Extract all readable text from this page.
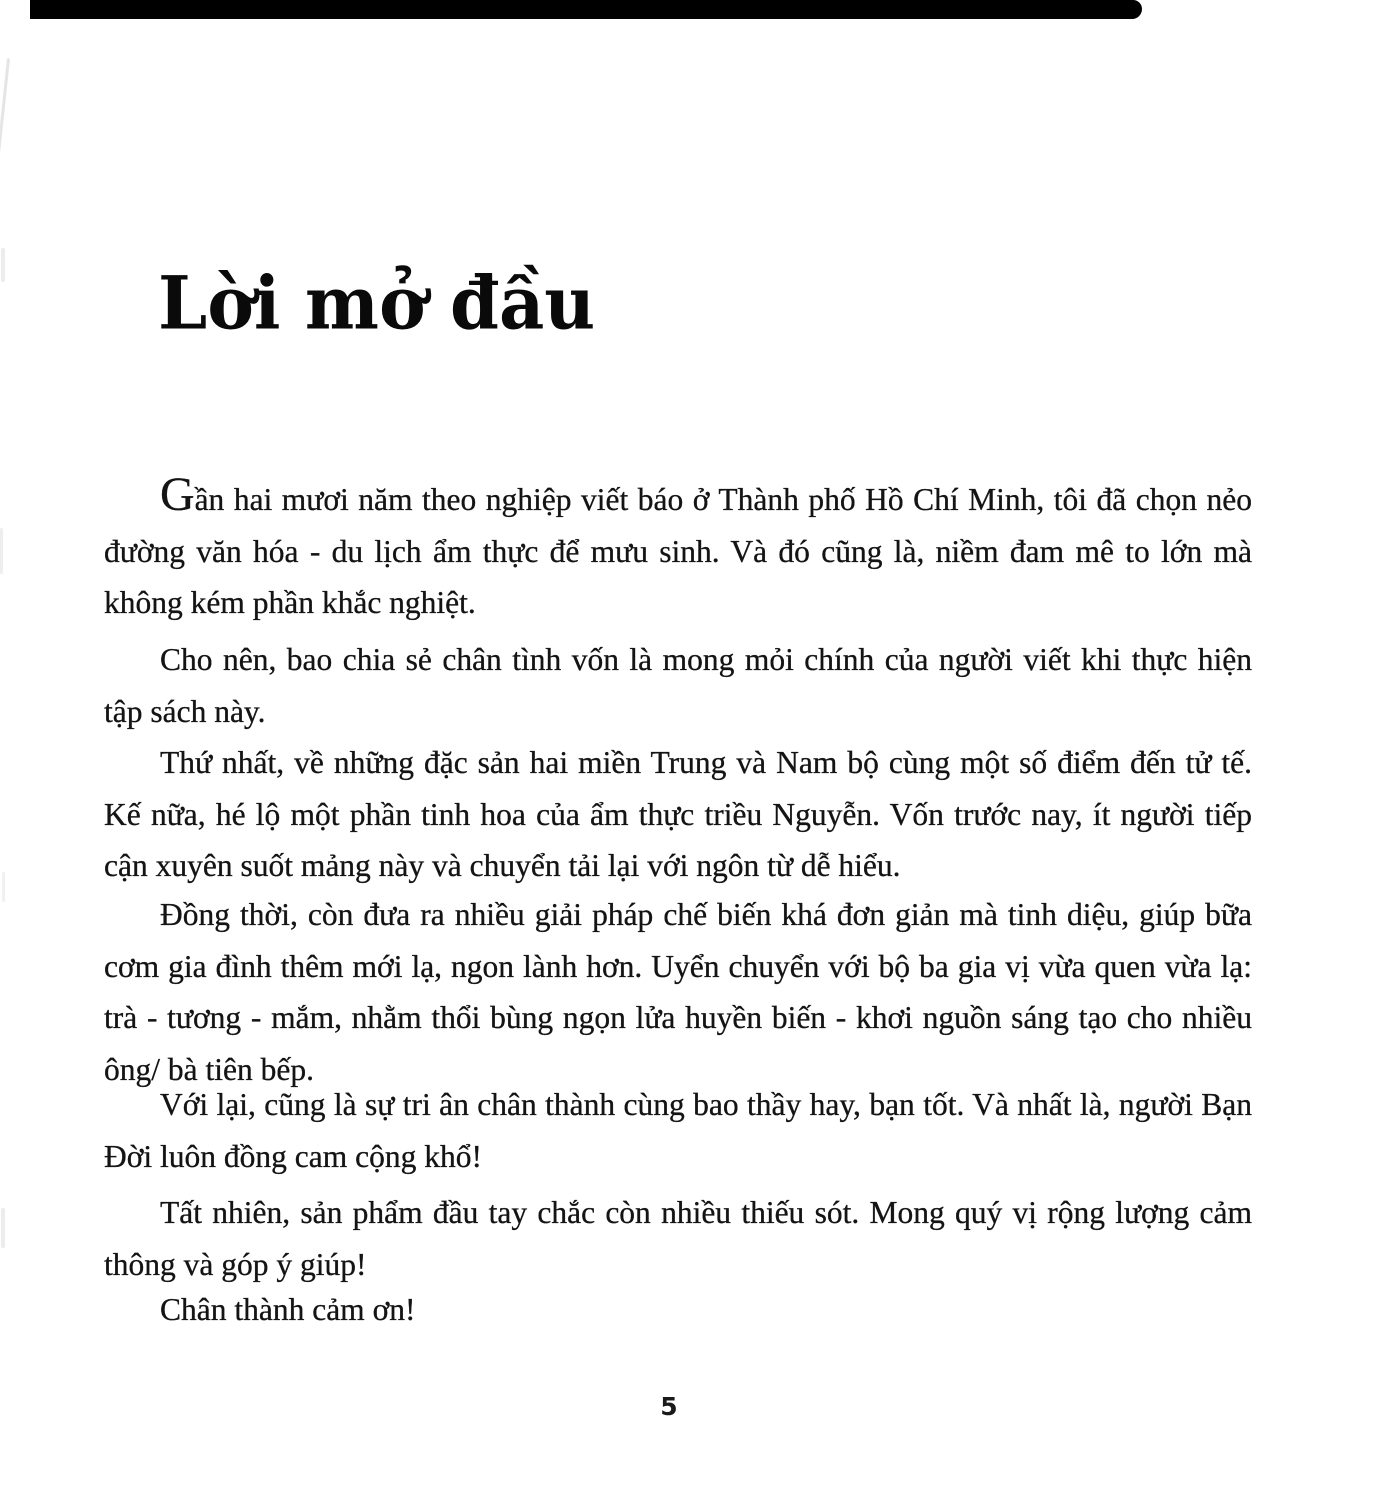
Lời mở đầu

Gần hai mươi năm theo nghiệp viết báo ở Thành phố Hồ Chí Minh, tôi đã chọn nẻo đường văn hóa - du lịch ẩm thực để mưu sinh. Và đó cũng là, niềm đam mê to lớn mà không kém phần khắc nghiệt.

Cho nên, bao chia sẻ chân tình vốn là mong mỏi chính của người viết khi thực hiện tập sách này.

Thứ nhất, về những đặc sản hai miền Trung và Nam bộ cùng một số điểm đến tử tế. Kế nữa, hé lộ một phần tinh hoa của ẩm thực triều Nguyễn. Vốn trước nay, ít người tiếp cận xuyên suốt mảng này và chuyển tải lại với ngôn từ dễ hiểu.

Đồng thời, còn đưa ra nhiều giải pháp chế biến khá đơn giản mà tinh diệu, giúp bữa cơm gia đình thêm mới lạ, ngon lành hơn. Uyển chuyển với bộ ba gia vị vừa quen vừa lạ: trà - tương - mắm, nhằm thổi bùng ngọn lửa huyền biến - khơi nguồn sáng tạo cho nhiều ông/ bà tiên bếp.

Với lại, cũng là sự tri ân chân thành cùng bao thầy hay, bạn tốt. Và nhất là, người Bạn Đời luôn đồng cam cộng khổ!

Tất nhiên, sản phẩm đầu tay chắc còn nhiều thiếu sót. Mong quý vị rộng lượng cảm thông và góp ý giúp!

Chân thành cảm ơn!

5
